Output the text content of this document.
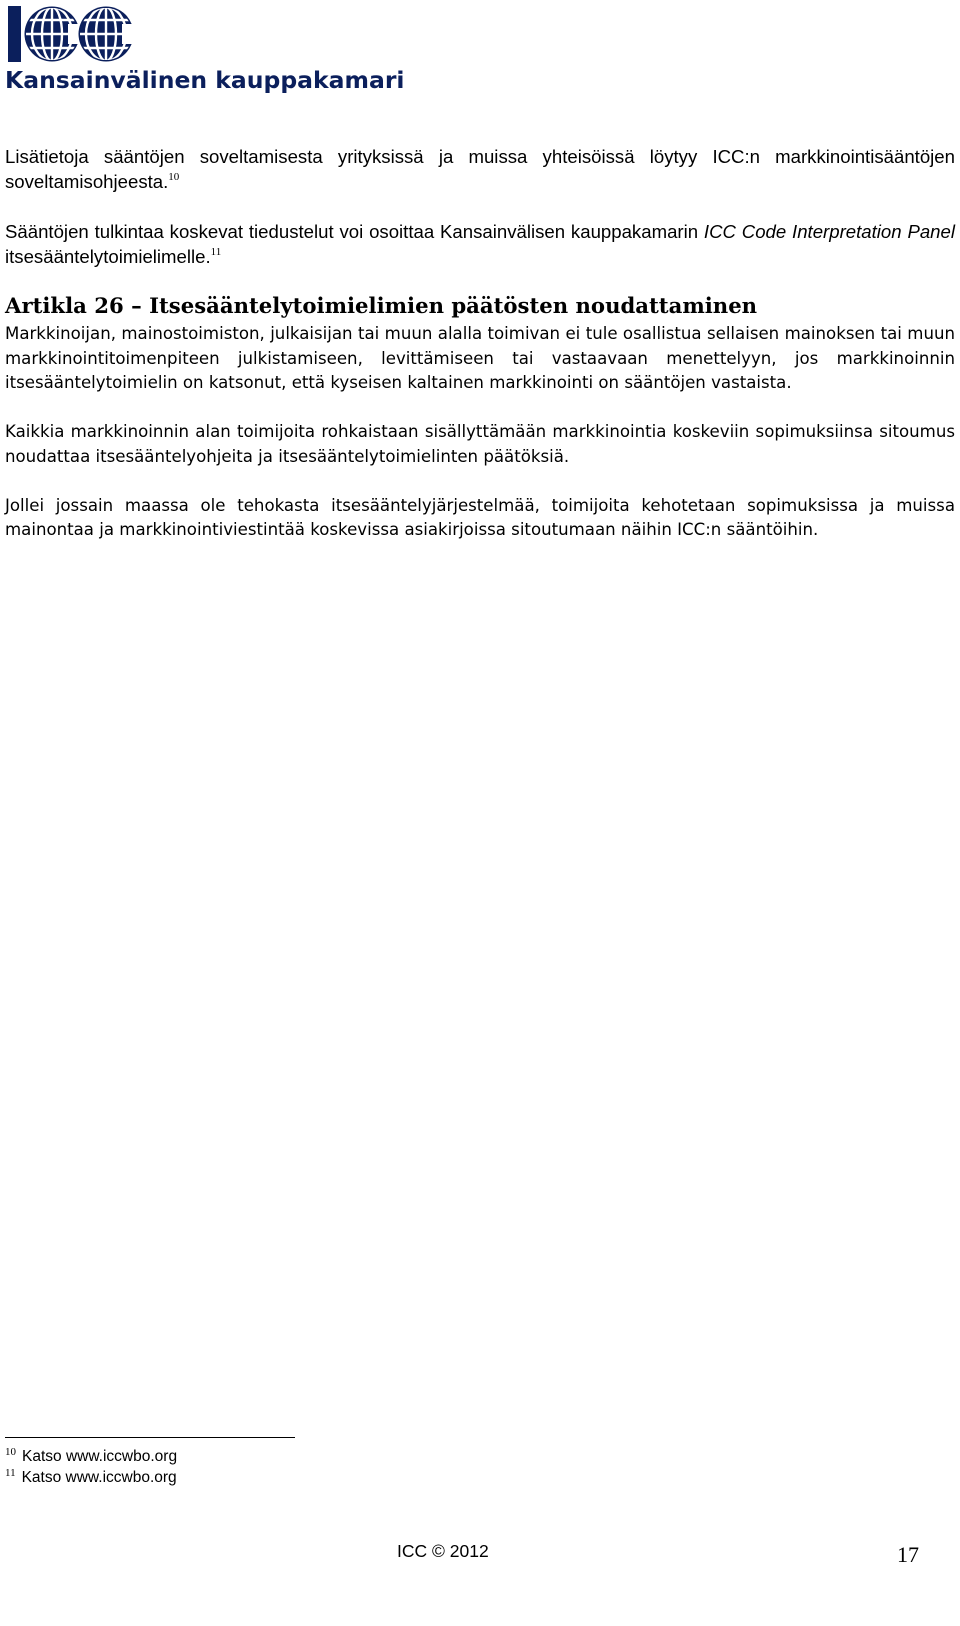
Kansainvälinen kauppakamari

Lisätietoja sääntöjen soveltamisesta yrityksissä ja muissa yhteisöissä löytyy ICC:n markkinointisääntöjen soveltamisohjeesta.$^{10}$

Sääntöjen tulkintaa koskevat tiedustelut voi osoittaa Kansainvälisen kauppakamarin ICC Code Interpretation Panel itsesääntelytoimielimelle.$^{11}$

Artikla 26 – Itsesääntelytoimielimien päätösten noudattaminen

Markkinoijan, mainostoimiston, julkaisijan tai muun alalla toimivan ei tule osallistua sellaisen mainoksen tai muun markkinointitoimenpiteen julkistamiseen, levittämiseen tai vastaavaan menettelyyn, jos markkinoinnin itsesääntelytoimielin on katsonut, että kyseisen kaltainen markkinointi on sääntöjen vastaista.

Kaikkia markkinoinnin alan toimijoita rohkaistaan sisällyttämään markkinointia koskeviin sopimuksiinsa sitoumus noudattaa itsesääntelyohjeita ja itsesääntelytoimielinten päätöksiä.

Jollei jossain maassa ole tehokasta itsesääntelyjärjestelmää, toimijoita kehotetaan sopimuksissa ja muissa mainontaa ja markkinointiviestintää koskevissa asiakirjoissa sitoutumaan näihin ICC:n sääntöihin.

$^{10}$ Katso www.iccwbo.org
$^{11}$ Katso www.iccwbo.org
ICC © 2012	17
